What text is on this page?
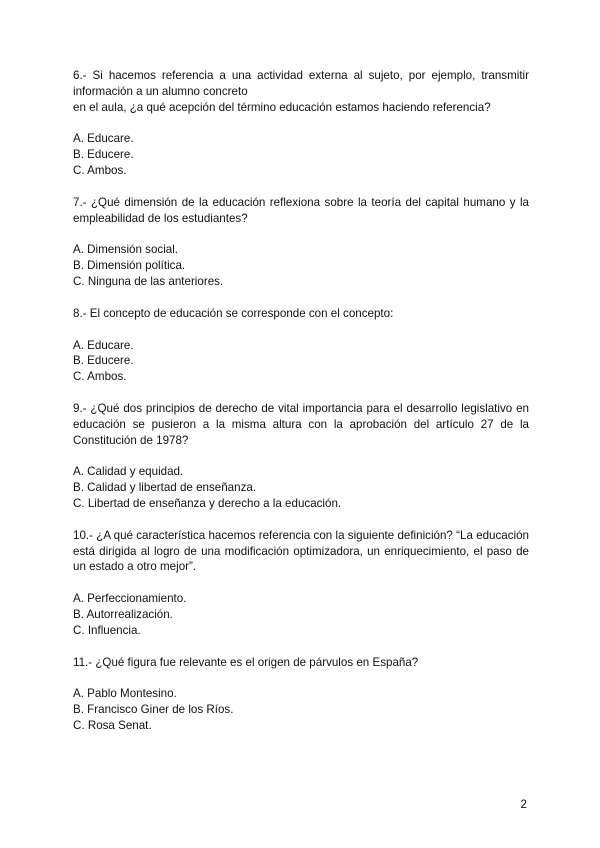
6.- Si hacemos referencia a una actividad externa al sujeto, por ejemplo, transmitir información a un alumno concreto
en el aula, ¿a qué acepción del término educación estamos haciendo referencia?

A. Educare.
B. Educere.
C. Ambos.

7.- ¿Qué dimensión de la educación reflexiona sobre la teoría del capital humano y la empleabilidad de los estudiantes?

A. Dimensión social.
B. Dimensión política.
C. Ninguna de las anteriores.

8.- El concepto de educación se corresponde con el concepto:

A. Educare.
B. Educere.
C. Ambos.

9.- ¿Qué dos principios de derecho de vital importancia para el desarrollo legislativo en educación se pusieron a la misma altura con la aprobación del artículo 27 de la Constitución de 1978?

A. Calidad y equidad.
B. Calidad y libertad de enseñanza.
C. Libertad de enseñanza y derecho a la educación.

10.- ¿A qué característica hacemos referencia con la siguiente definición? “La educación está dirigida al logro de una modificación optimizadora, un enriquecimiento, el paso de un estado a otro mejor”.

A. Perfeccionamiento.
B. Autorrealización.
C. Influencia.

11.- ¿Qué figura fue relevante es el origen de párvulos en España?

A. Pablo Montesino.
B. Francisco Giner de los Ríos.
C. Rosa Senat.
2
